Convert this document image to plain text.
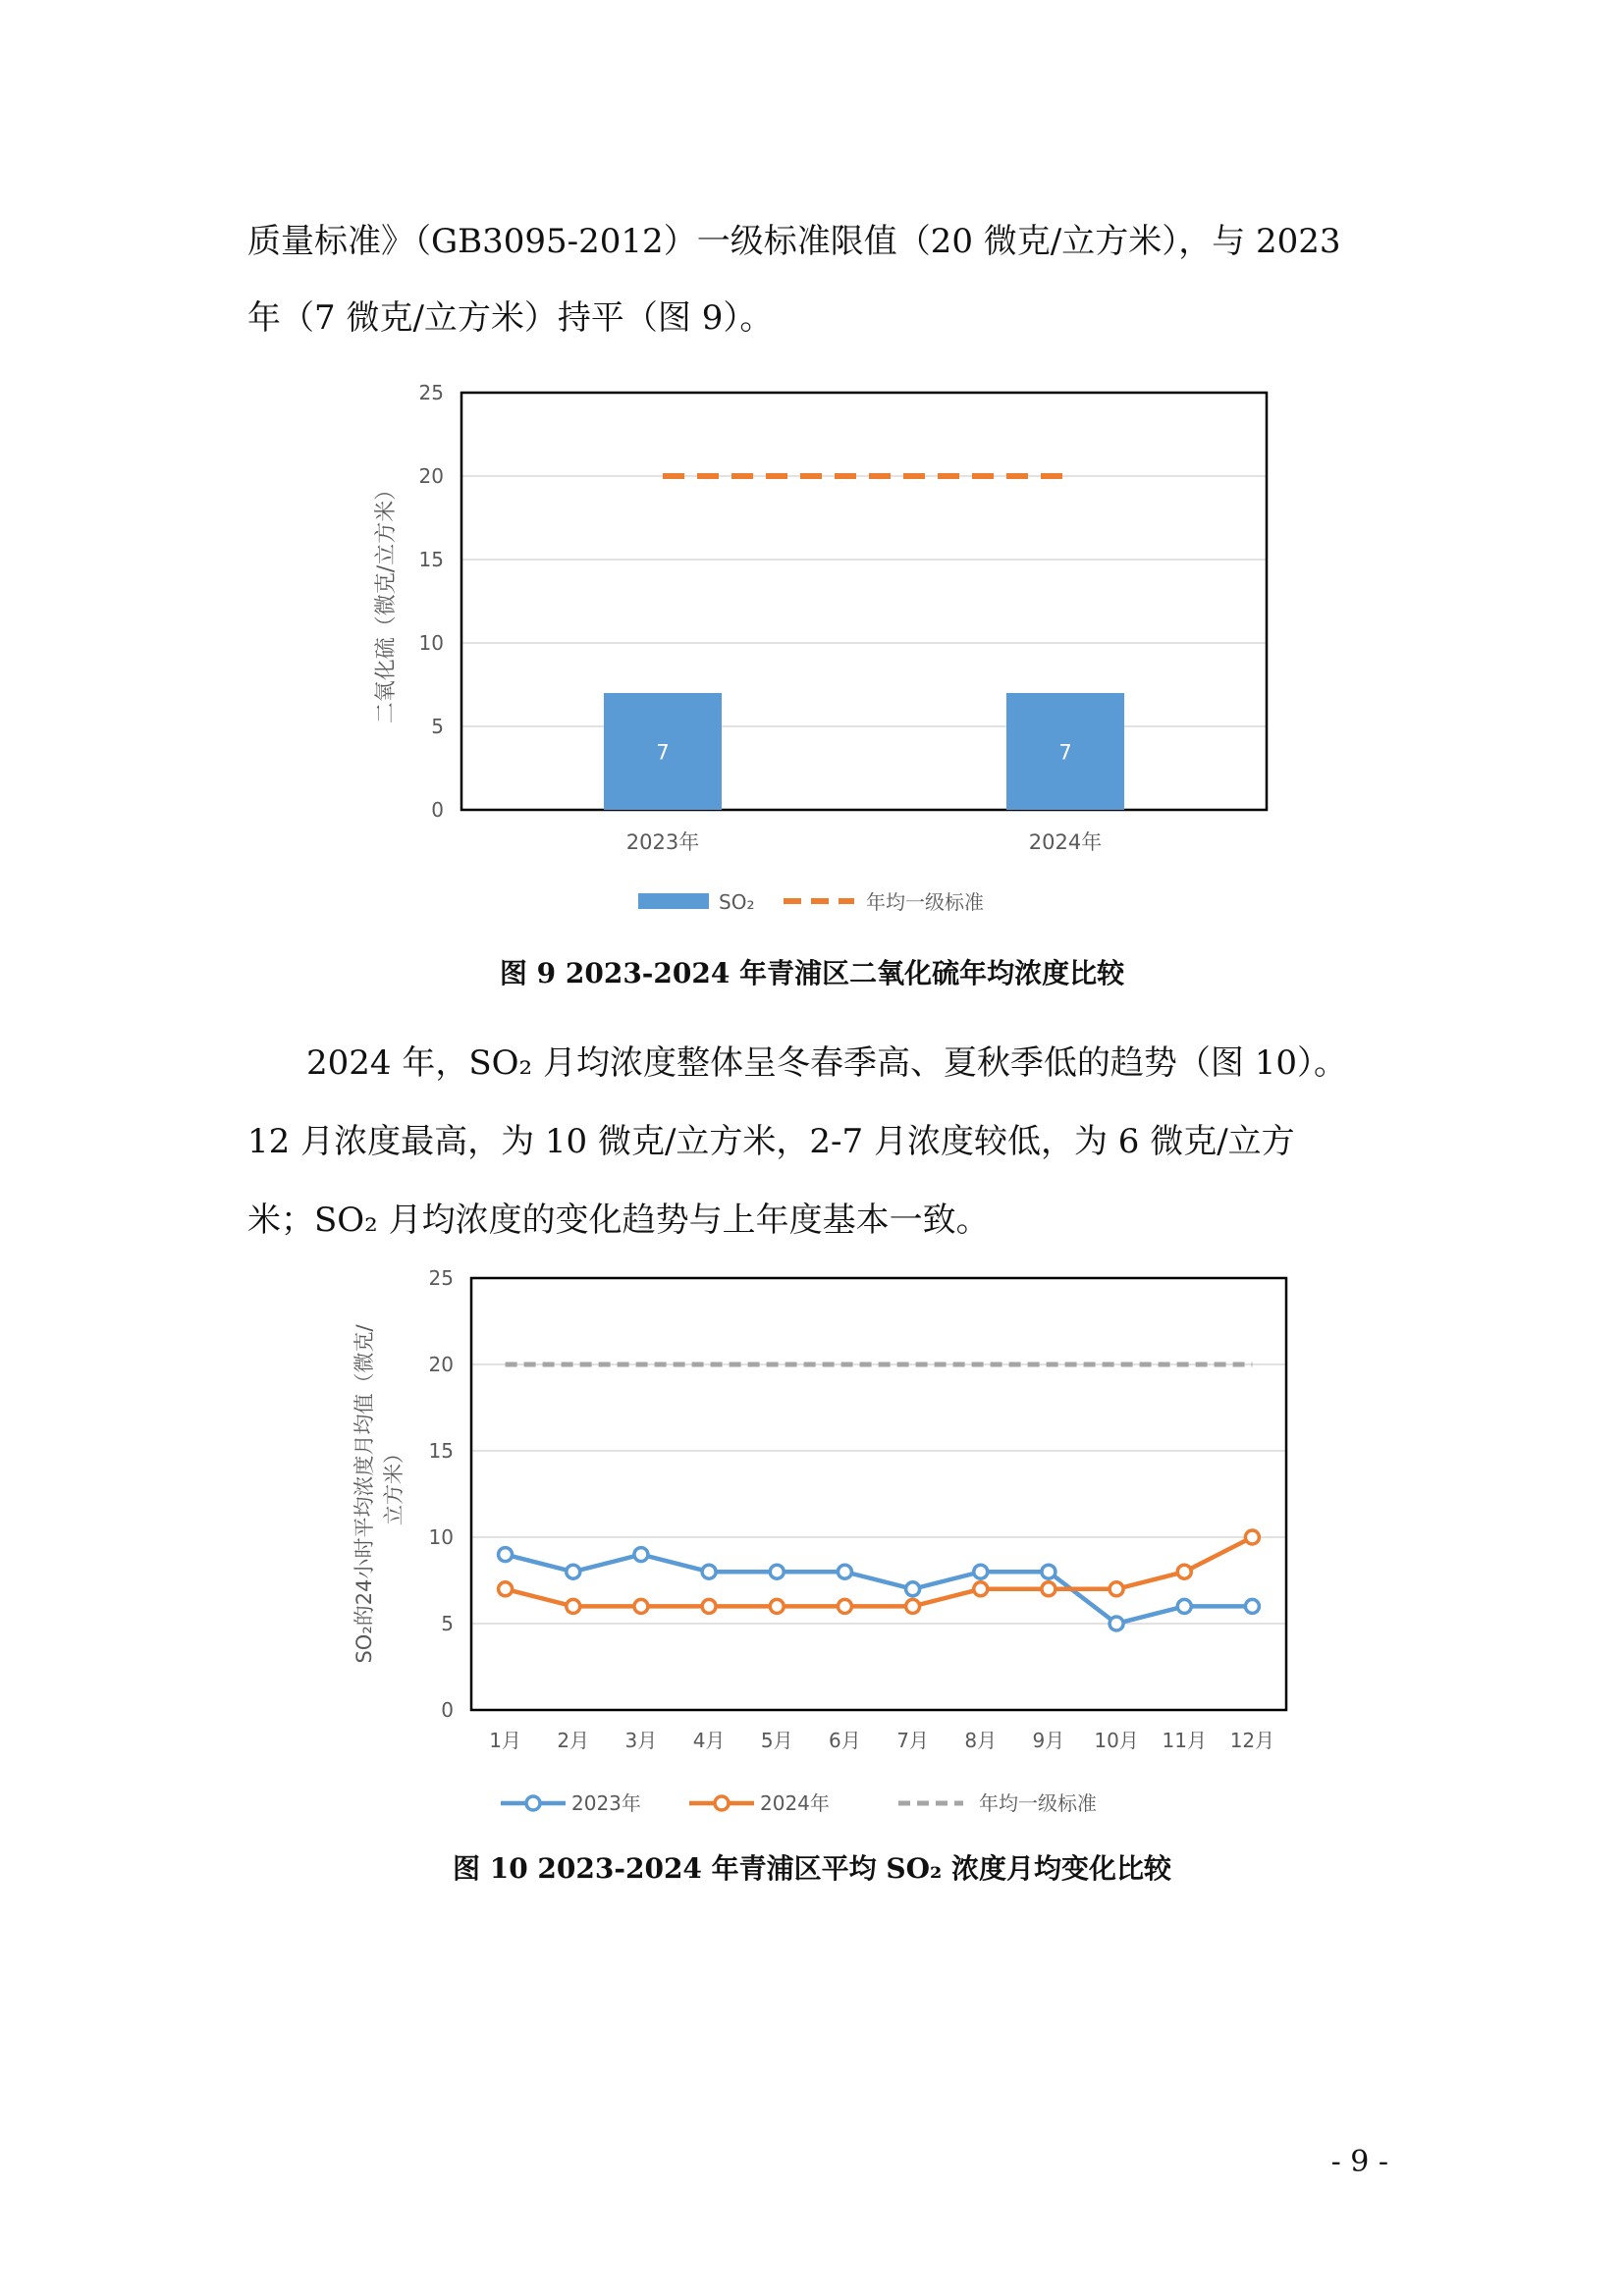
质量标准》（GB3095-2012）一级标准限值（20 微克/立方米），与 2023
年（7 微克/立方米）持平（图 9）。
0
5
10
15
20
25
二氧化硫（微克/立方米）
7
2023年
7
2024年
SO₂	年均一级标准
图 9 2023-2024 年青浦区二氧化硫年均浓度比较
2024 年，SO₂ 月均浓度整体呈冬春季高、夏秋季低的趋势（图 10）。
12 月浓度最高，为 10 微克/立方米，2-7 月浓度较低，为 6 微克/立方
米；SO₂ 月均浓度的变化趋势与上年度基本一致。
0
5
10
15
20
25
SO₂的24小时平均浓度月均值（微克/ 立方米）
1月 2月 3月 4月 5月 6月 7月 8月 9月 10月 11月 12月
2023年	2024年	年均一级标准
图 10 2023-2024 年青浦区平均 SO₂ 浓度月均变化比较
- 9 -
